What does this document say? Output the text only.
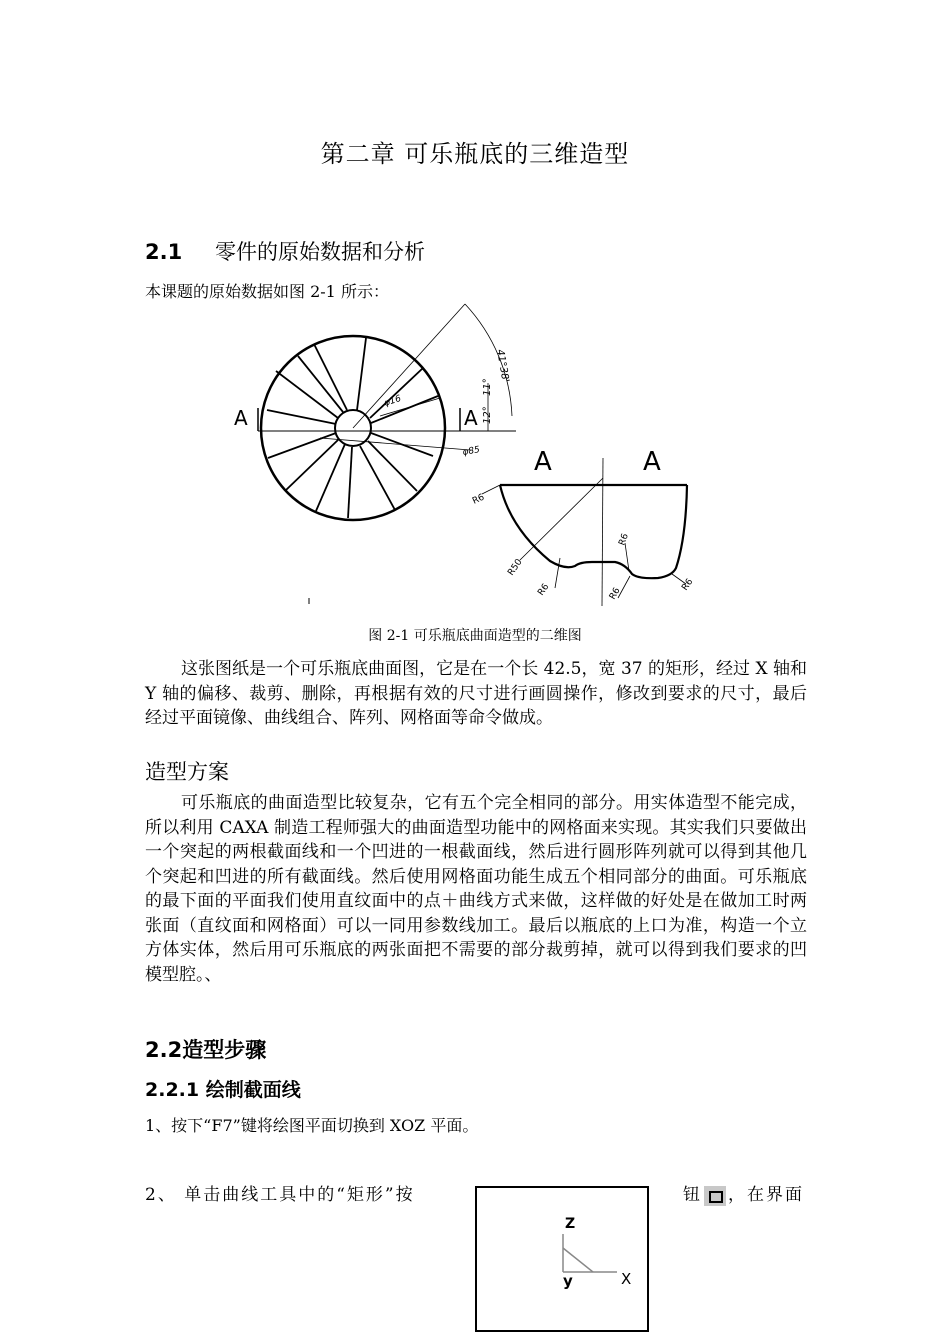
第二章 可乐瓶底的三维造型
2.1 零件的原始数据和分析
本课题的原始数据如图 2-1 所示：
A	A
41°38'
11°
12°
φ16
φ85 A	A
R6
R50
R6
R6
R6
R6
图 2-1 可乐瓶底曲面造型的二维图

这张图纸是一个可乐瓶底曲面图，它是在一个长 42.5，宽 37 的矩形，经过 X 轴和 Y 轴的偏移、裁剪、删除，再根据有效的尺寸进行画圆操作，修改到要求的尺寸，最后经过平面镜像、曲线组合、阵列、网格面等命令做成。

造型方案

可乐瓶底的曲面造型比较复杂，它有五个完全相同的部分。用实体造型不能完成，所以利用 CAXA 制造工程师强大的曲面造型功能中的网格面来实现。其实我们只要做出一个突起的两根截面线和一个凹进的一根截面线，然后进行圆形阵列就可以得到其他几个突起和凹进的所有截面线。然后使用网格面功能生成五个相同部分的曲面。可乐瓶底的最下面的平面我们使用直纹面中的点＋曲线方式来做，这样做的好处是在做加工时两张面（直纹面和网格面）可以一同用参数线加工。最后以瓶底的上口为准，构造一个立方体实体，然后用可乐瓶底的两张面把不需要的部分裁剪掉，就可以得到我们要求的凹模型腔。、

2.2造型步骤
2.2.1 绘制截面线
1、按下“F7”键将绘图平面切换到 XOZ 平面。
2、 单击曲线工具中的“矩形”按	钮 ，在界面
Z
y	X
